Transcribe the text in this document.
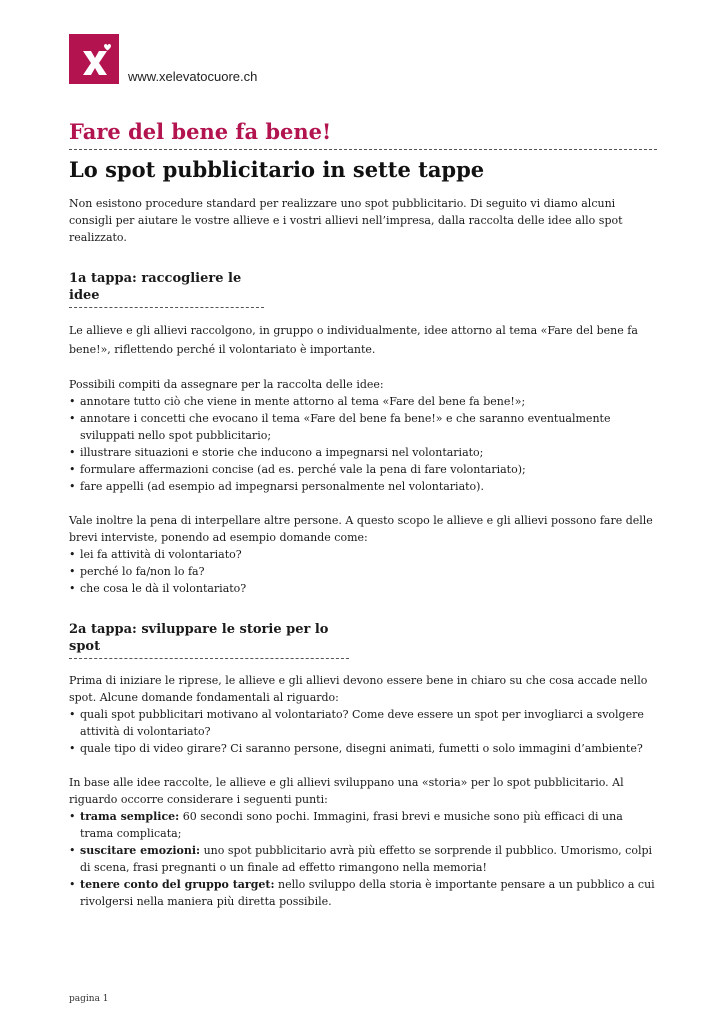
www.xelevatocuore.ch
Fare del bene fa bene!
Lo spot pubblicitario in sette tappe

Non esistono procedure standard per realizzare uno spot pubblicitario. Di seguito vi diamo alcuni consigli per aiutare le vostre allieve e i vostri allievi nell’impresa, dalla raccolta delle idee allo spot realizzato.

1a tappa: raccogliere le idee

Le allieve e gli allievi raccolgono, in gruppo o individualmente, idee attorno al tema «Fare del bene fa bene!», riflettendo perché il volontariato è importante.

Possibili compiti da assegnare per la raccolta delle idee:

• annotare tutto ciò che viene in mente attorno al tema «Fare del bene fa bene!»;
• annotare i concetti che evocano il tema «Fare del bene fa bene!» e che saranno eventualmente sviluppati nello spot pubblicitario;
• illustrare situazioni e storie che inducono a impegnarsi nel volontariato;
• formulare affermazioni concise (ad es. perché vale la pena di fare volontariato);
• fare appelli (ad esempio ad impegnarsi personalmente nel volontariato).

Vale inoltre la pena di interpellare altre persone. A questo scopo le allieve e gli allievi possono fare delle brevi interviste, ponendo ad esempio domande come:

• lei fa attività di volontariato?
• perché lo fa/non lo fa?
• che cosa le dà il volontariato?
2a tappa: sviluppare le storie per lo spot

Prima di iniziare le riprese, le allieve e gli allievi devono essere bene in chiaro su che cosa accade nello spot. Alcune domande fondamentali al riguardo:

• quali spot pubblicitari motivano al volontariato? Come deve essere un spot per invogliarci a svolgere attività di volontariato?
• quale tipo di video girare? Ci saranno persone, disegni animati, fumetti o solo immagini d’ambiente?

In base alle idee raccolte, le allieve e gli allievi sviluppano una «storia» per lo spot pubblicitario. Al riguardo occorre considerare i seguenti punti:

• trama semplice: 60 secondi sono pochi. Immagini, frasi brevi e musiche sono più efficaci di una trama complicata;
• suscitare emozioni: uno spot pubblicitario avrà più effetto se sorprende il pubblico. Umorismo, colpi di scena, frasi pregnanti o un finale ad effetto rimangono nella memoria!
• tenere conto del gruppo target: nello sviluppo della storia è importante pensare a un pubblico a cui rivolgersi nella maniera più diretta possibile.
pagina 1
